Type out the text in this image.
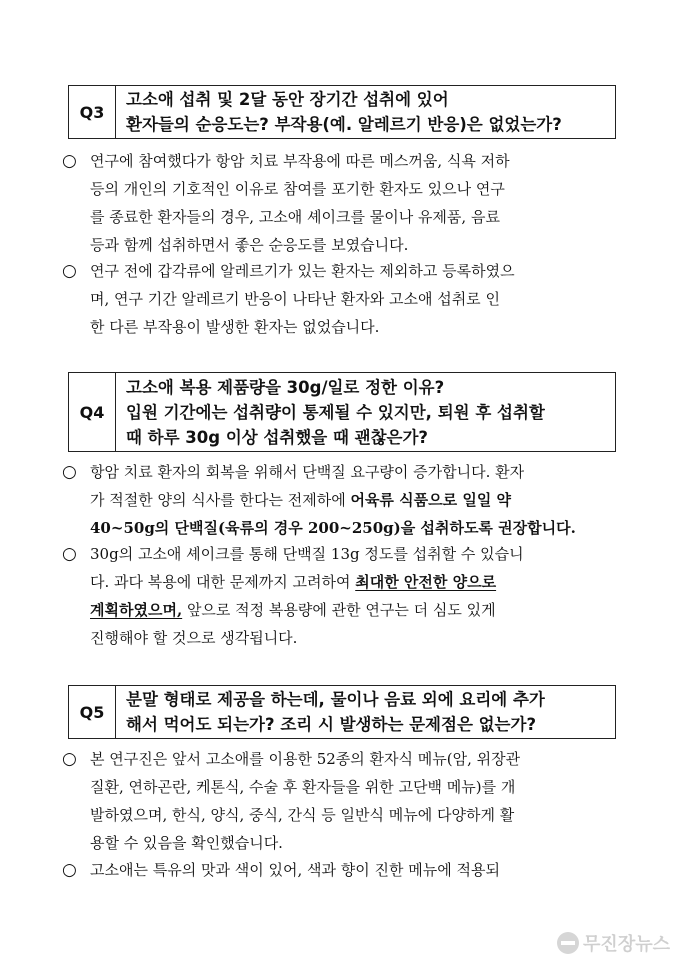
Q3
고소애 섭취 및 2달 동안 장기간 섭취에 있어
환자들의 순응도는? 부작용(예. 알레르기 반응)은 없었는가?
○ 연구에 참여했다가 항암 치료 부작용에 따른 메스꺼움, 식욕 저하
등의 개인의 기호적인 이유로 참여를 포기한 환자도 있으나 연구
를 종료한 환자들의 경우, 고소애 셰이크를 물이나 유제품, 음료
등과 함께 섭취하면서 좋은 순응도를 보였습니다.
○ 연구 전에 갑각류에 알레르기가 있는 환자는 제외하고 등록하였으
며, 연구 기간 알레르기 반응이 나타난 환자와 고소애 섭취로 인
한 다른 부작용이 발생한 환자는 없었습니다.
Q4
고소애 복용 제품량을 30g/일로 정한 이유?
입원 기간에는 섭취량이 통제될 수 있지만, 퇴원 후 섭취할
때 하루 30g 이상 섭취했을 때 괜찮은가?
○ 항암 치료 환자의 회복을 위해서 단백질 요구량이 증가합니다. 환자
가 적절한 양의 식사를 한다는 전제하에 어육류 식품으로 일일 약
40~50g의 단백질(육류의 경우 200~250g)을 섭취하도록 권장합니다.
○ 30g의 고소애 셰이크를 통해 단백질 13g 정도를 섭취할 수 있습니
다. 과다 복용에 대한 문제까지 고려하여 최대한 안전한 양으로
계획하였으며, 앞으로 적정 복용량에 관한 연구는 더 심도 있게
진행해야 할 것으로 생각됩니다.
Q5
분말 형태로 제공을 하는데, 물이나 음료 외에 요리에 추가
해서 먹어도 되는가? 조리 시 발생하는 문제점은 없는가?
○ 본 연구진은 앞서 고소애를 이용한 52종의 환자식 메뉴(암, 위장관
질환, 연하곤란, 케톤식, 수술 후 환자들을 위한 고단백 메뉴)를 개
발하였으며, 한식, 양식, 중식, 간식 등 일반식 메뉴에 다양하게 활
용할 수 있음을 확인했습니다.
○ 고소애는 특유의 맛과 색이 있어, 색과 향이 진한 메뉴에 적용되
무진장뉴스
